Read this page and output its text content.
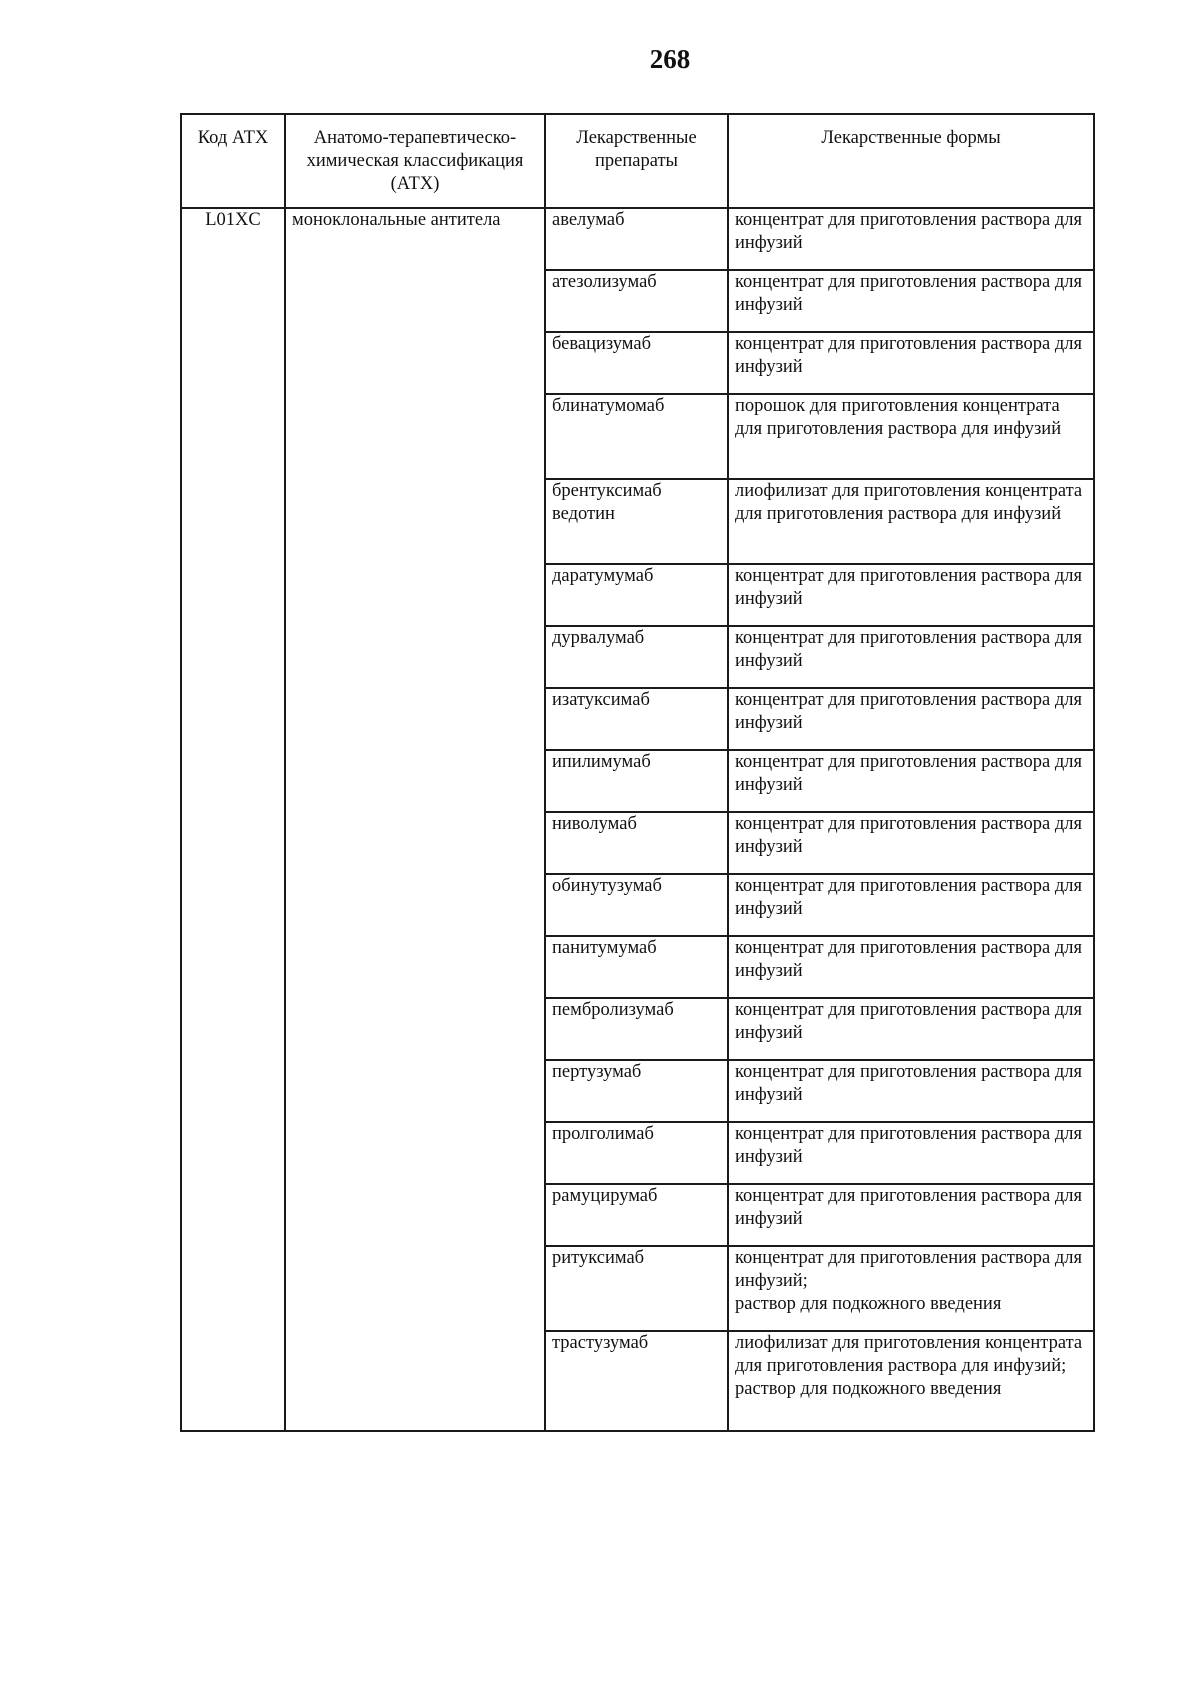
268
Код АТХ	Анатомо-терапевтическо-химическая классификация (АТХ)	Лекарственные препараты	Лекарственные формы
L01XC	моноклональные антитела	авелумаб	концентрат для приготовления раствора для инфузий

		атезолизумаб	концентрат для приготовления раствора для инфузий

		бевацизумаб	концентрат для приготовления раствора для инфузий

		блинатумомаб	порошок для приготовления концентрата для приготовления раствора для инфузий

		брентуксимаб ведотин	лиофилизат для приготовления концентрата для приготовления раствора для инфузий

		даратумумаб	концентрат для приготовления раствора для инфузий

		дурвалумаб	концентрат для приготовления раствора для инфузий

		изатуксимаб	концентрат для приготовления раствора для инфузий

		ипилимумаб	концентрат для приготовления раствора для инфузий

		ниволумаб	концентрат для приготовления раствора для инфузий

		обинутузумаб	концентрат для приготовления раствора для инфузий

		панитумумаб	концентрат для приготовления раствора для инфузий

		пембролизумаб	концентрат для приготовления раствора для инфузий

		пертузумаб	концентрат для приготовления раствора для инфузий

		пролголимаб	концентрат для приготовления раствора для инфузий

		рамуцирумаб	концентрат для приготовления раствора для инфузий

		ритуксимаб	концентрат для приготовления раствора для инфузий;
раствор для подкожного введения

		трастузумаб	лиофилизат для приготовления концентрата для приготовления раствора для инфузий;
раствор для подкожного введения
